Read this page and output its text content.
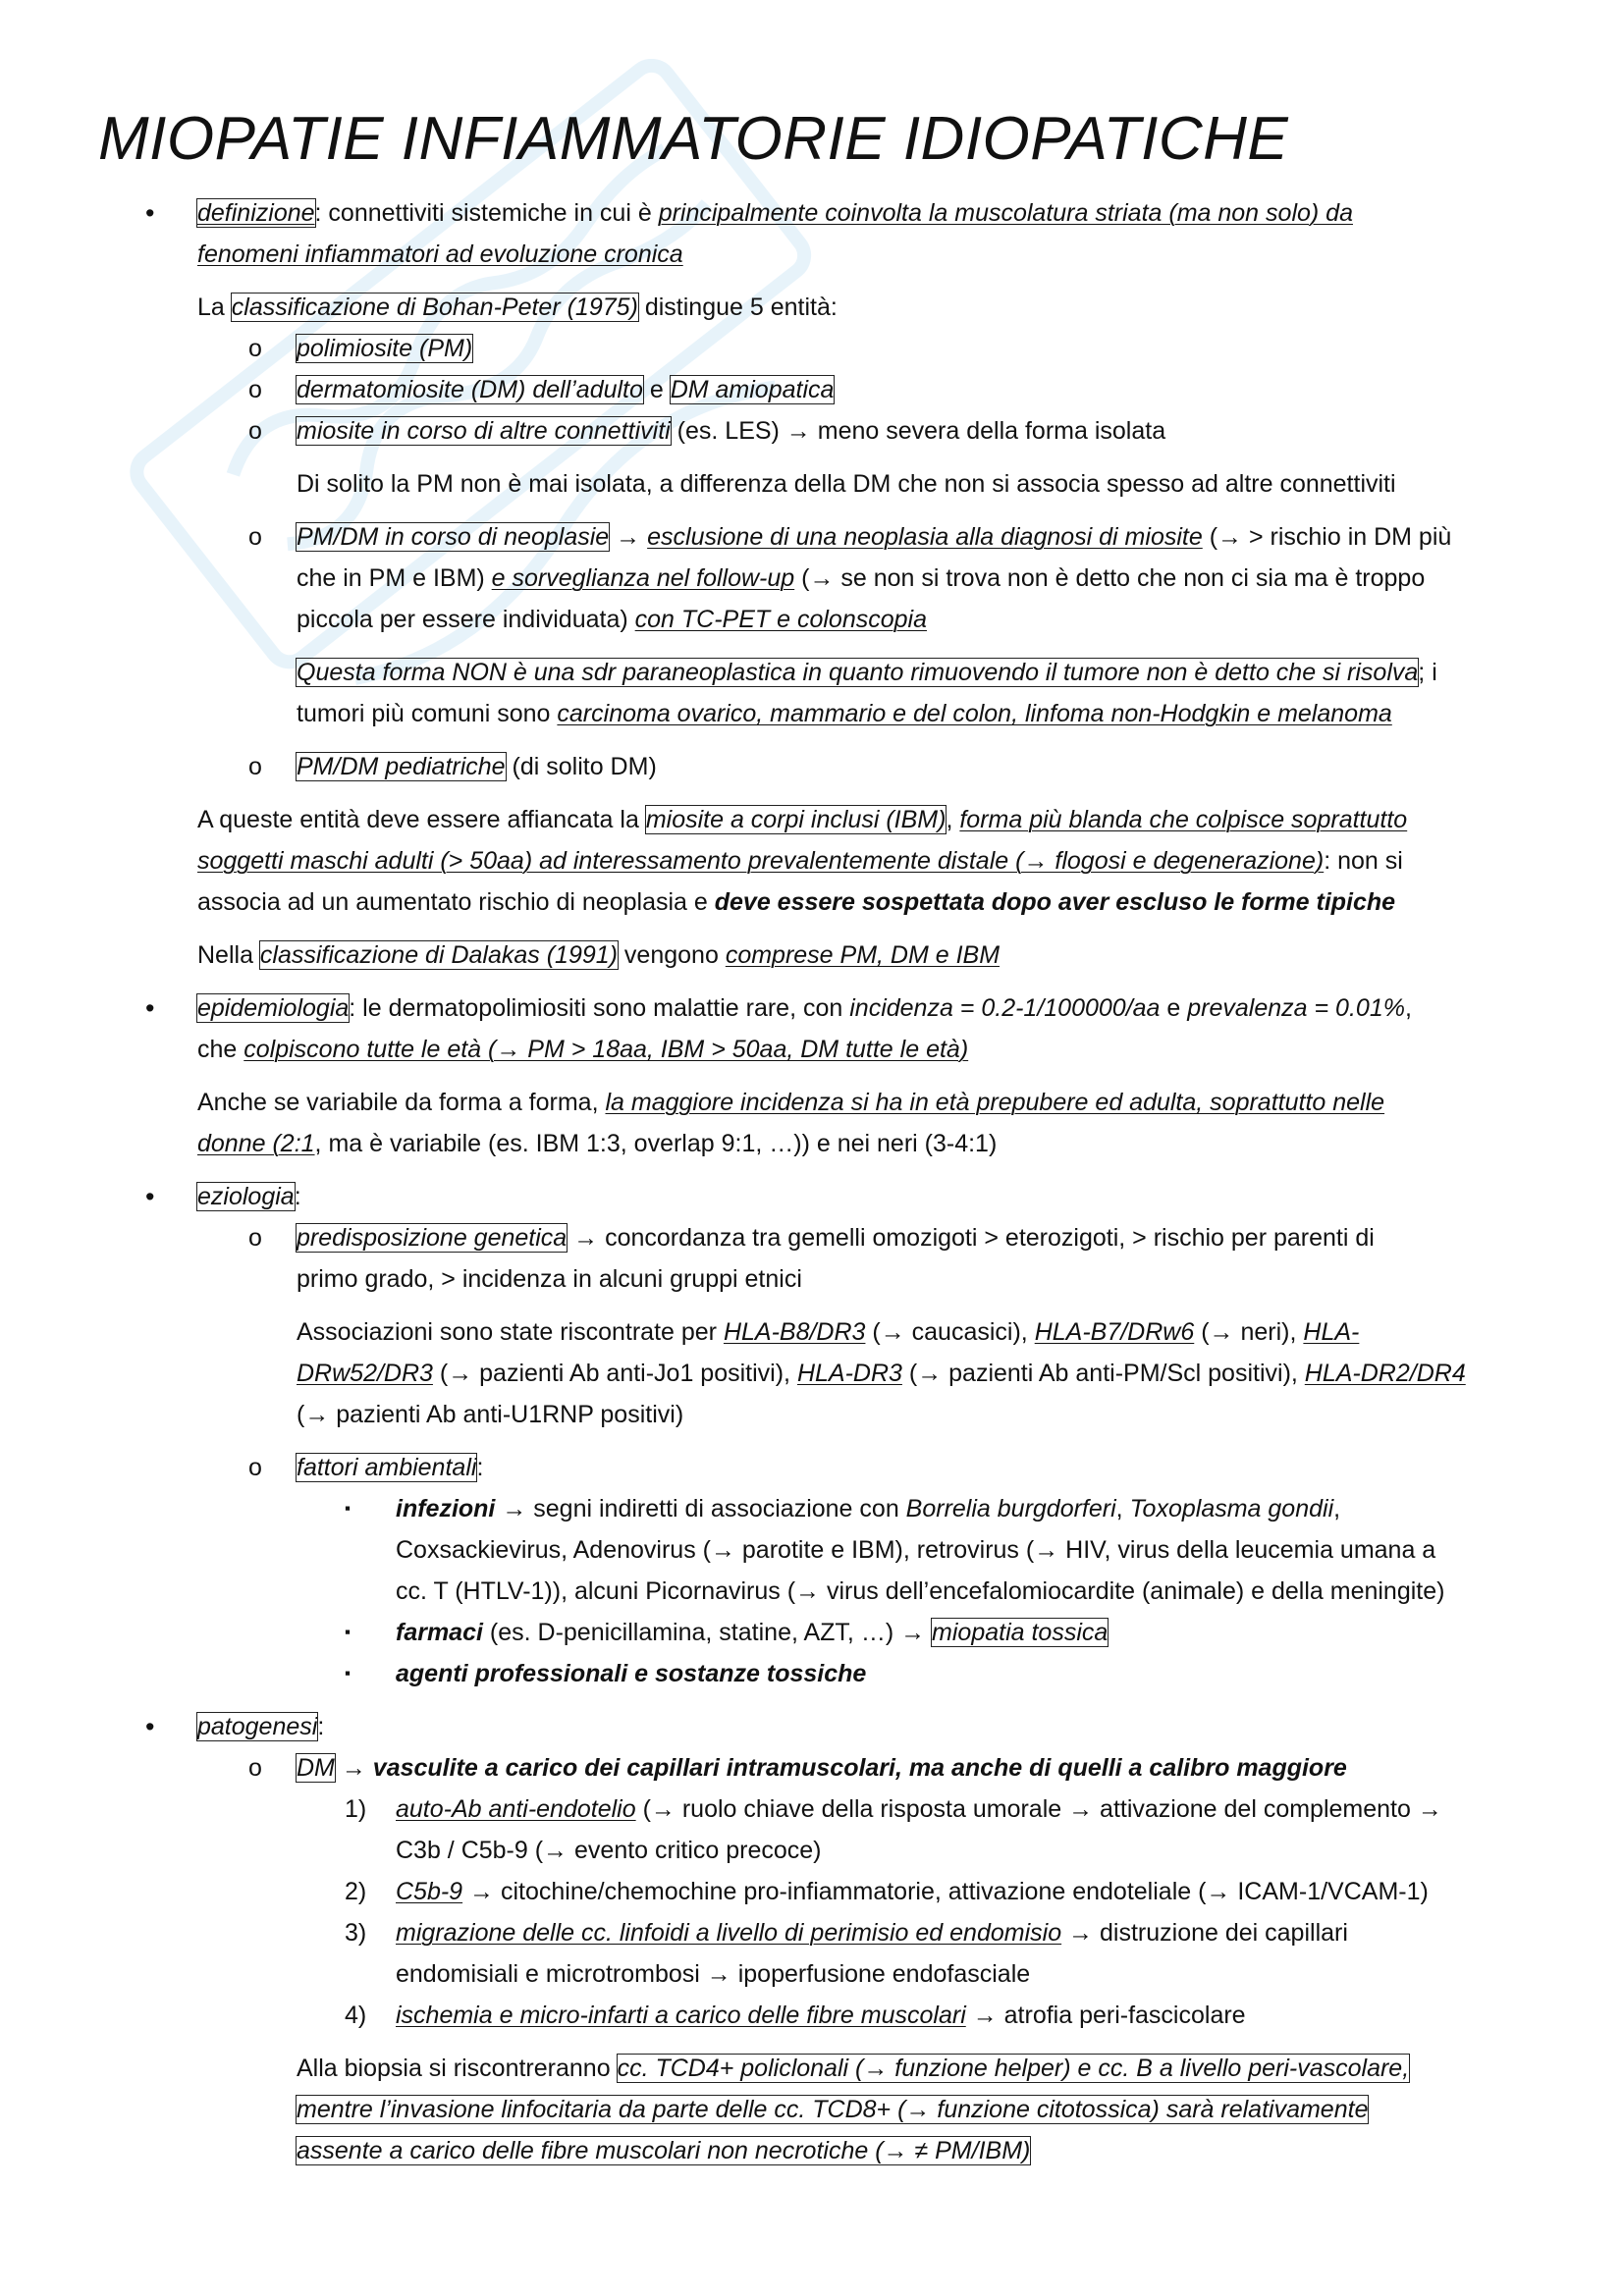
MIOPATIE INFIAMMATORIE IDIOPATICHE
• definizione: connettiviti sistemiche in cui è principalmente coinvolta la muscolatura striata (ma non solo) da
fenomeni infiammatori ad evoluzione cronica
La classificazione di Bohan-Peter (1975) distingue 5 entità:
o polimiosite (PM)
o dermatomiosite (DM) dell’adulto e DM amiopatica
o miosite in corso di altre connettiviti (es. LES) → meno severa della forma isolata
Di solito la PM non è mai isolata, a differenza della DM che non si associa spesso ad altre connettiviti
o PM/DM in corso di neoplasie → esclusione di una neoplasia alla diagnosi di miosite (→ > rischio in DM più
che in PM e IBM) e sorveglianza nel follow-up (→ se non si trova non è detto che non ci sia ma è troppo
piccola per essere individuata) con TC-PET e colonscopia
Questa forma NON è una sdr paraneoplastica in quanto rimuovendo il tumore non è detto che si risolva; i
tumori più comuni sono carcinoma ovarico, mammario e del colon, linfoma non-Hodgkin e melanoma
o PM/DM pediatriche (di solito DM)
A queste entità deve essere affiancata la miosite a corpi inclusi (IBM), forma più blanda che colpisce soprattutto
soggetti maschi adulti (> 50aa) ad interessamento prevalentemente distale (→ flogosi e degenerazione): non si
associa ad un aumentato rischio di neoplasia e deve essere sospettata dopo aver escluso le forme tipiche
Nella classificazione di Dalakas (1991) vengono comprese PM, DM e IBM
• epidemiologia: le dermatopolimiositi sono malattie rare, con incidenza = 0.2-1/100000/aa e prevalenza = 0.01%,
che colpiscono tutte le età (→ PM > 18aa, IBM > 50aa, DM tutte le età)
Anche se variabile da forma a forma, la maggiore incidenza si ha in età prepubere ed adulta, soprattutto nelle
donne (2:1, ma è variabile (es. IBM 1:3, overlap 9:1, …)) e nei neri (3-4:1)
• eziologia:
o predisposizione genetica → concordanza tra gemelli omozigoti > eterozigoti, > rischio per parenti di
primo grado, > incidenza in alcuni gruppi etnici
Associazioni sono state riscontrate per HLA-B8/DR3 (→ caucasici), HLA-B7/DRw6 (→ neri), HLA-
DRw52/DR3 (→ pazienti Ab anti-Jo1 positivi), HLA-DR3 (→ pazienti Ab anti-PM/Scl positivi), HLA-DR2/DR4
(→ pazienti Ab anti-U1RNP positivi)
o fattori ambientali:
▪ infezioni → segni indiretti di associazione con Borrelia burgdorferi, Toxoplasma gondii,
Coxsackievirus, Adenovirus (→ parotite e IBM), retrovirus (→ HIV, virus della leucemia umana a
cc. T (HTLV-1)), alcuni Picornavirus (→ virus dell’encefalomiocardite (animale) e della meningite)
▪ farmaci (es. D-penicillamina, statine, AZT, …) → miopatia tossica
▪ agenti professionali e sostanze tossiche
• patogenesi:
o DM → vasculite a carico dei capillari intramuscolari, ma anche di quelli a calibro maggiore
1) auto-Ab anti-endotelio (→ ruolo chiave della risposta umorale → attivazione del complemento →
C3b / C5b-9 (→ evento critico precoce)
2) C5b-9 → citochine/chemochine pro-infiammatorie, attivazione endoteliale (→ ICAM-1/VCAM-1)
3) migrazione delle cc. linfoidi a livello di perimisio ed endomisio → distruzione dei capillari
endomisiali e microtrombosi → ipoperfusione endofasciale
4) ischemia e micro-infarti a carico delle fibre muscolari → atrofia peri-fascicolare
Alla biopsia si riscontreranno cc. TCD4+ policlonali (→ funzione helper) e cc. B a livello peri-vascolare,
mentre l’invasione linfocitaria da parte delle cc. TCD8+ (→ funzione citotossica) sarà relativamente
assente a carico delle fibre muscolari non necrotiche (→ ≠ PM/IBM)
